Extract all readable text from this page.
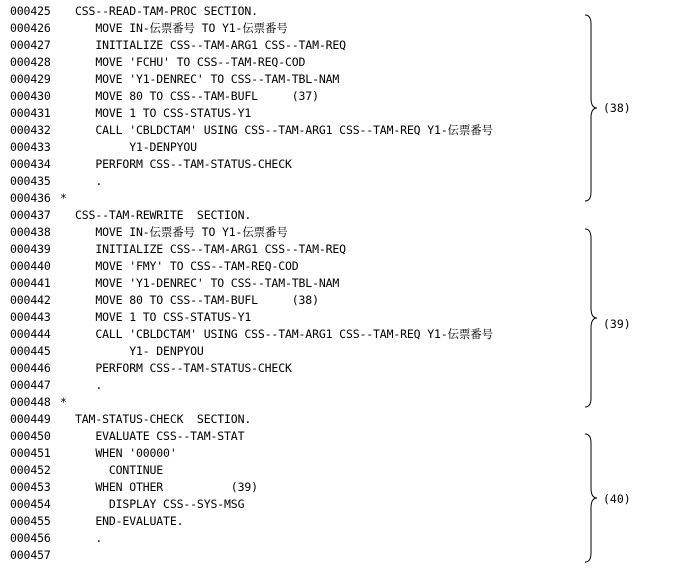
000425 CSS--READ-TAM-PROC SECTION.
000426   MOVE IN-伝票番号 TO Y1-伝票番号
000427   INITIALIZE CSS--TAM-ARG1 CSS--TAM-REQ
000428   MOVE 'FCHU' TO CSS--TAM-REQ-COD
000429   MOVE 'Y1-DENREC' TO CSS--TAM-TBL-NAM
000430   MOVE 80 TO CSS--TAM-BUFL     (37)
000431   MOVE 1 TO CSS-STATUS-Y1
000432   CALL 'CBLDCTAM' USING CSS--TAM-ARG1 CSS--TAM-REQ Y1-伝票番号
000433        Y1-DENPYOU
000434   PERFORM CSS--TAM-STATUS-CHECK
000435   .
000436 *
000437 CSS--TAM-REWRITE  SECTION.
000438   MOVE IN-伝票番号 TO Y1-伝票番号
000439   INITIALIZE CSS--TAM-ARG1 CSS--TAM-REQ
000440   MOVE 'FMY' TO CSS--TAM-REQ-COD
000441   MOVE 'Y1-DENREC' TO CSS--TAM-TBL-NAM
000442   MOVE 80 TO CSS--TAM-BUFL     (38)
000443   MOVE 1 TO CSS-STATUS-Y1
000444   CALL 'CBLDCTAM' USING CSS--TAM-ARG1 CSS--TAM-REQ Y1-伝票番号
000445        Y1- DENPYOU
000446   PERFORM CSS--TAM-STATUS-CHECK
000447   .
000448 *
000449 TAM-STATUS-CHECK  SECTION.
000450   EVALUATE CSS--TAM-STAT
000451   WHEN '00000'
000452     CONTINUE
000453   WHEN OTHER          (39)
000454     DISPLAY CSS--SYS-MSG
000455   END-EVALUATE.
000456   .
000457
(38)
(39)
(40)
